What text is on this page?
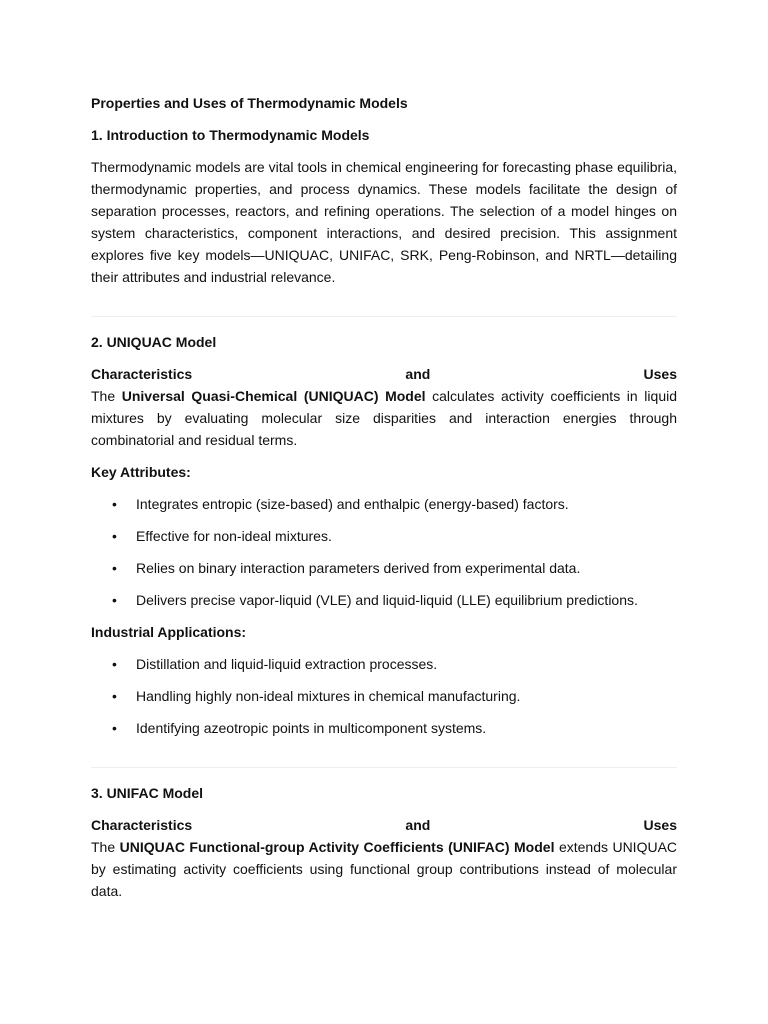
Properties and Uses of Thermodynamic Models

1. Introduction to Thermodynamic Models

Thermodynamic models are vital tools in chemical engineering for forecasting phase equilibria, thermodynamic properties, and process dynamics. These models facilitate the design of separation processes, reactors, and refining operations. The selection of a model hinges on system characteristics, component interactions, and desired precision. This assignment explores five key models—UNIQUAC, UNIFAC, SRK, Peng-Robinson, and NRTL—detailing their attributes and industrial relevance.

2. UNIQUAC Model

Characteristics	and	Uses

The Universal Quasi-Chemical (UNIQUAC) Model calculates activity coefficients in liquid mixtures by evaluating molecular size disparities and interaction energies through combinatorial and residual terms.

Key Attributes:

• Integrates entropic (size-based) and enthalpic (energy-based) factors.
• Effective for non-ideal mixtures.
• Relies on binary interaction parameters derived from experimental data.
• Delivers precise vapor-liquid (VLE) and liquid-liquid (LLE) equilibrium predictions.

Industrial Applications:

• Distillation and liquid-liquid extraction processes.
• Handling highly non-ideal mixtures in chemical manufacturing.
• Identifying azeotropic points in multicomponent systems.

3. UNIFAC Model

Characteristics	and	Uses

The UNIQUAC Functional-group Activity Coefficients (UNIFAC) Model extends UNIQUAC by estimating activity coefficients using functional group contributions instead of molecular data.
